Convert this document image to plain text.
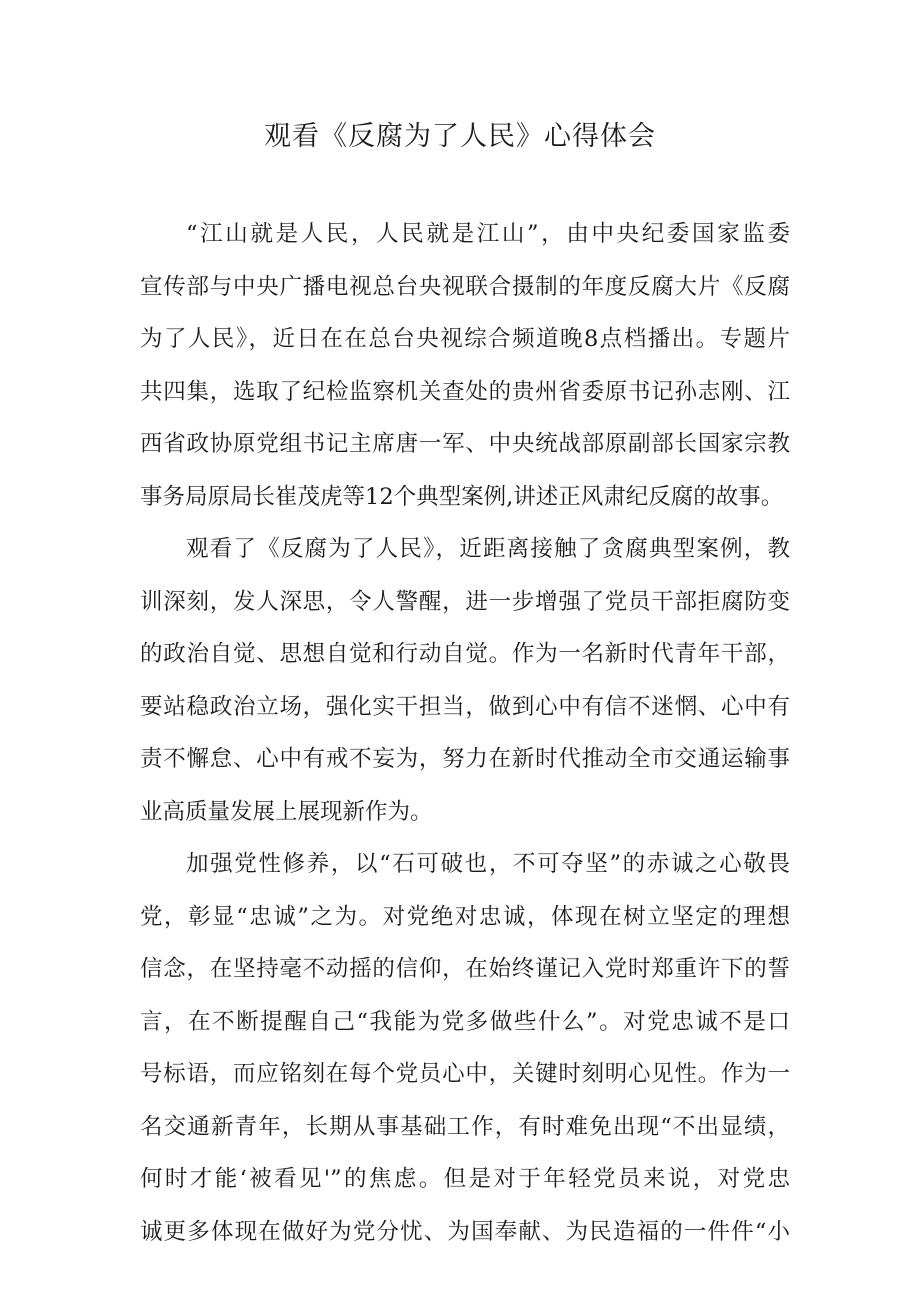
观看《反腐为了人民》心得体会
“江山就是人民，人民就是江山”，由中央纪委国家监委
宣传部与中央广播电视总台央视联合摄制的年度反腐大片《反腐
为了人民》，近日在在总台央视综合频道晚8点档播出。专题片
共四集，选取了纪检监察机关查处的贵州省委原书记孙志刚、江
西省政协原党组书记主席唐一军、中央统战部原副部长国家宗教
事务局原局长崔茂虎等12个典型案例,讲述正风肃纪反腐的故事。
观看了《反腐为了人民》，近距离接触了贪腐典型案例，教
训深刻，发人深思，令人警醒，进一步增强了党员干部拒腐防变
的政治自觉、思想自觉和行动自觉。作为一名新时代青年干部，
要站稳政治立场，强化实干担当，做到心中有信不迷惘、心中有
责不懈怠、心中有戒不妄为，努力在新时代推动全市交通运输事
业高质量发展上展现新作为。
加强党性修养，以“石可破也，不可夺坚”的赤诚之心敬畏
党，彰显“忠诚”之为。对党绝对忠诚，体现在树立坚定的理想
信念，在坚持毫不动摇的信仰，在始终谨记入党时郑重许下的誓
言，在不断提醒自己“我能为党多做些什么”。对党忠诚不是口
号标语，而应铭刻在每个党员心中，关键时刻明心见性。作为一
名交通新青年，长期从事基础工作，有时难免出现“不出显绩，
何时才能‘被看见'”的焦虑。但是对于年轻党员来说，对党忠
诚更多体现在做好为党分忧、为国奉献、为民造福的一件件“小
